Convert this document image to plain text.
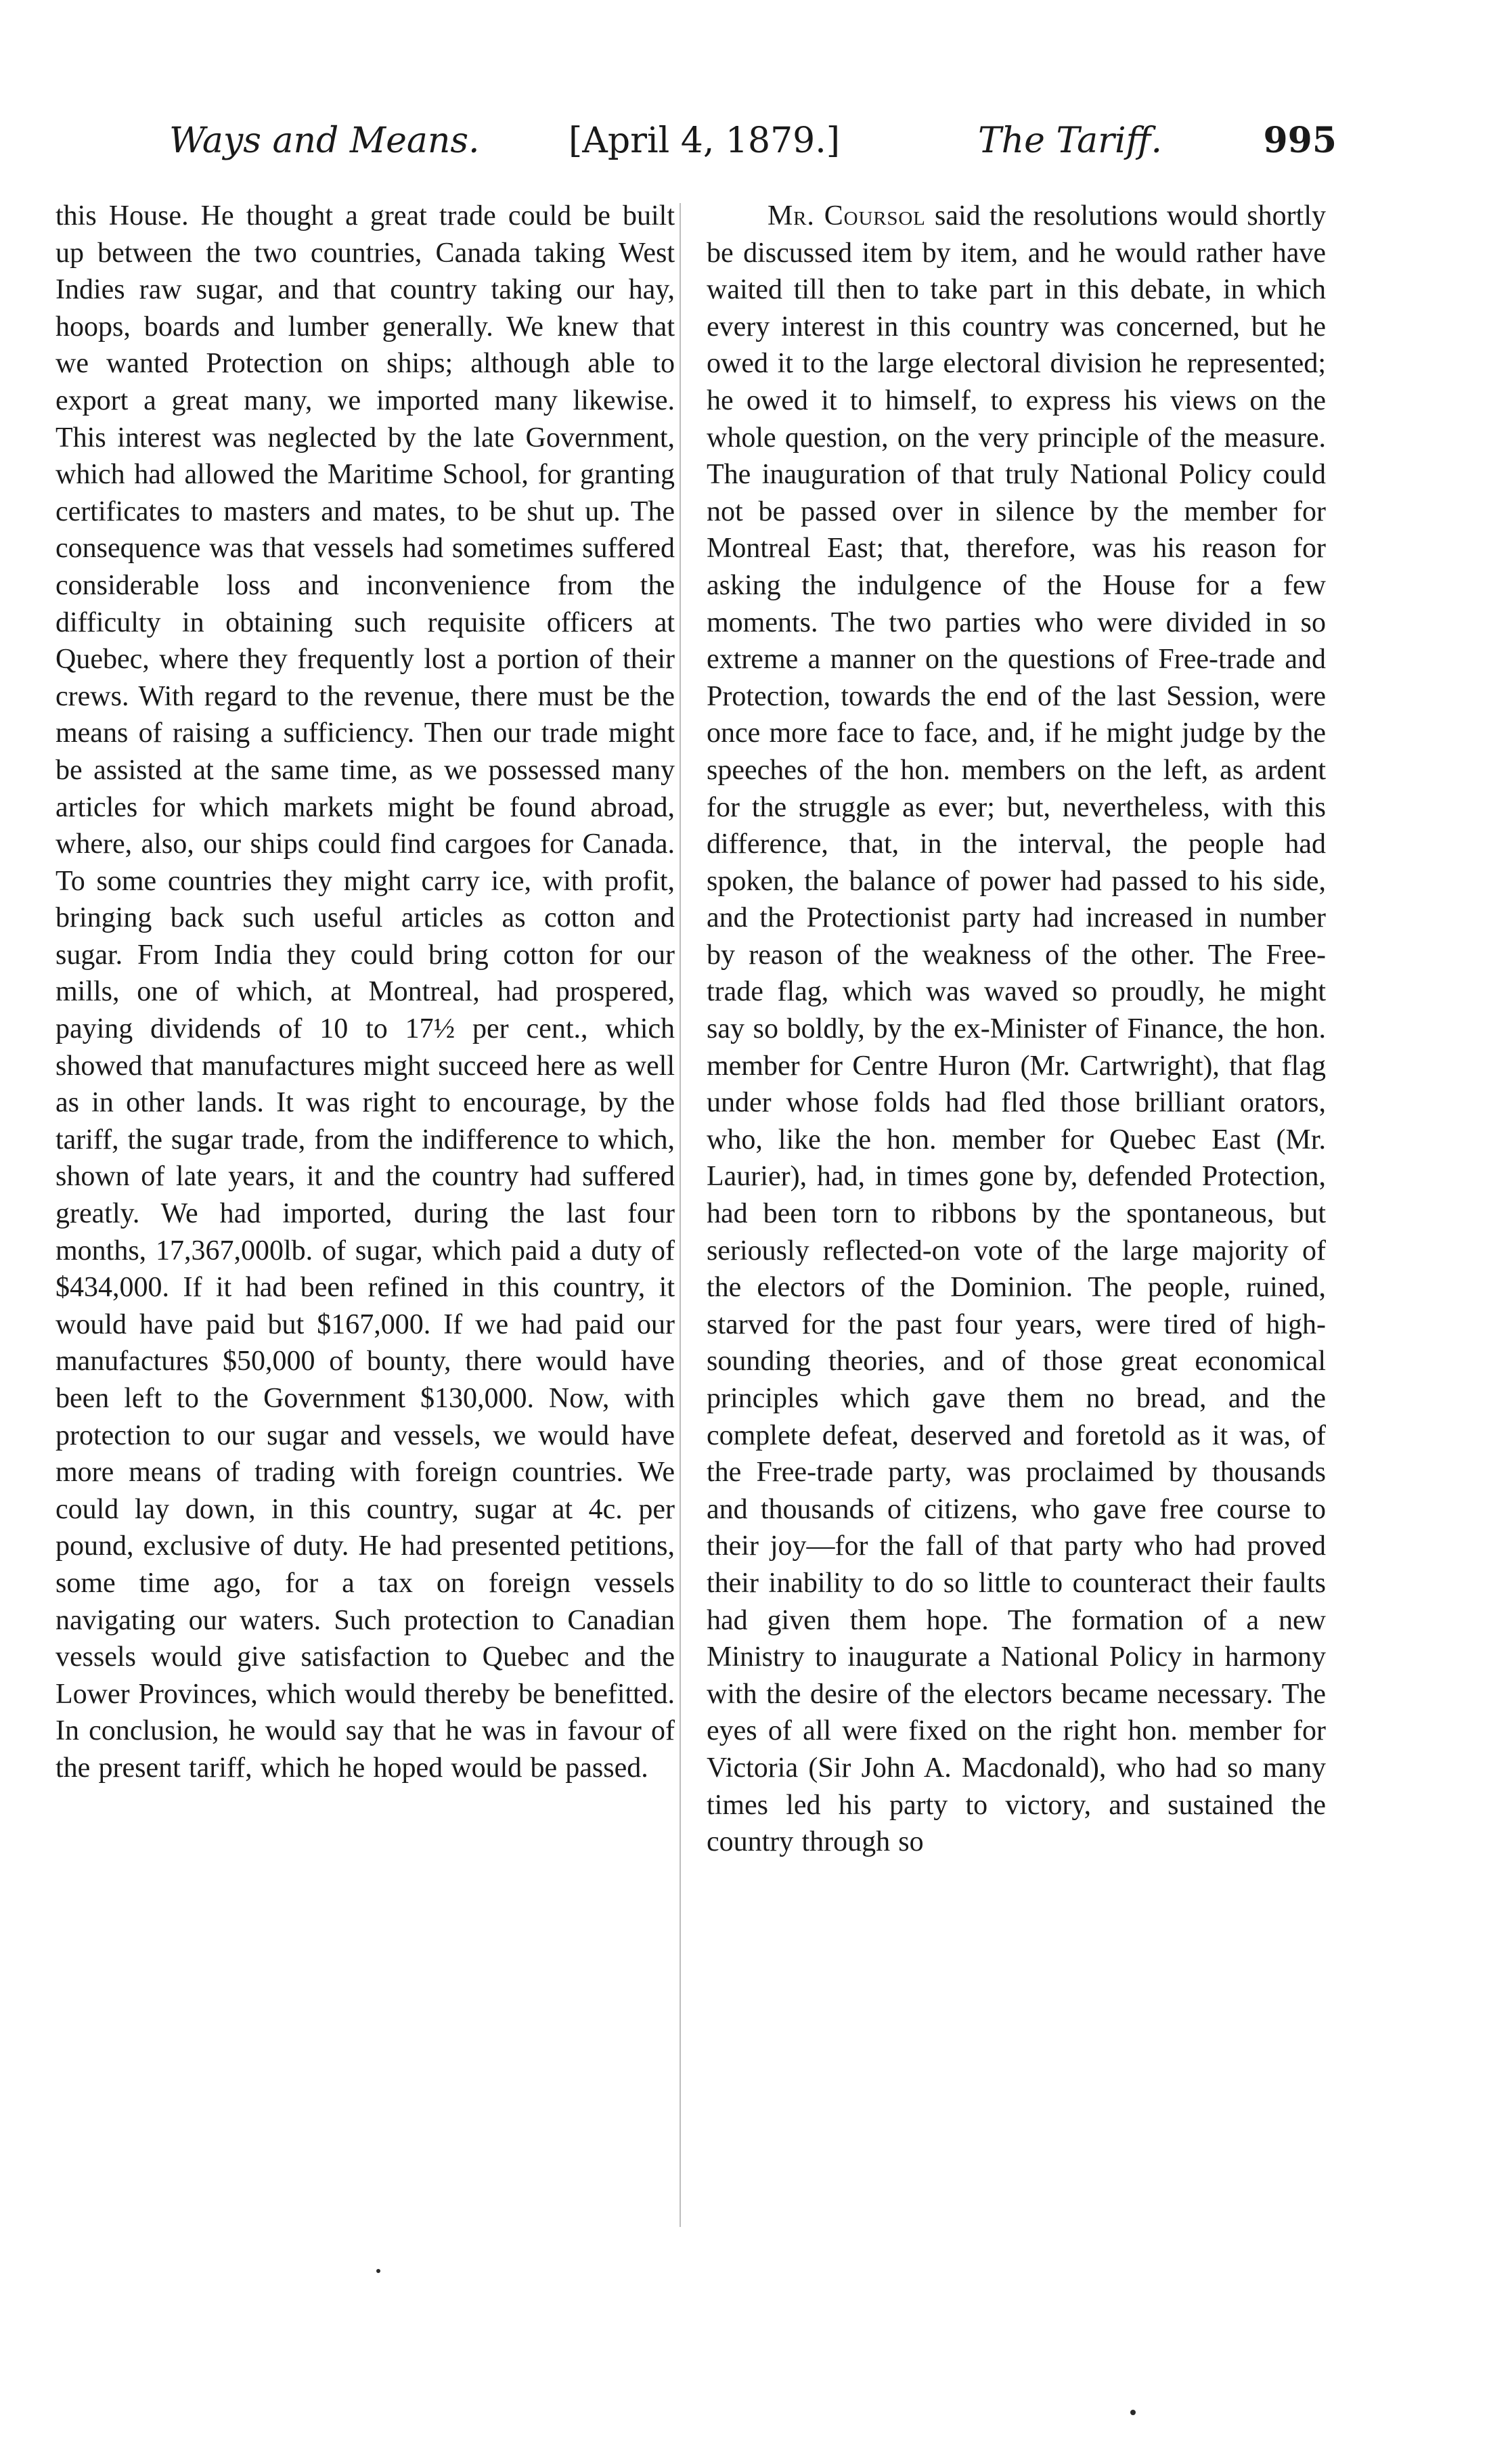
Ways and Means.	[April 4, 1879.]	The Tariff.	995

this House. He thought a great trade could be built up between the two countries, Canada taking West Indies raw sugar, and that country taking our hay, hoops, boards and lumber generally. We knew that we wanted Protection on ships; although able to export a great many, we imported many likewise. This interest was neglected by the late Government, which had allowed the Maritime School, for granting certificates to masters and mates, to be shut up. The consequence was that vessels had sometimes suffered considerable loss and inconvenience from the difficulty in obtaining such requisite officers at Quebec, where they frequently lost a portion of their crews. With regard to the revenue, there must be the means of raising a sufficiency. Then our trade might be assisted at the same time, as we possessed many articles for which markets might be found abroad, where, also, our ships could find cargoes for Canada. To some countries they might carry ice, with profit, bringing back such useful articles as cotton and sugar. From India they could bring cotton for our mills, one of which, at Montreal, had prospered, paying dividends of 10 to 17½ per cent., which showed that manufactures might succeed here as well as in other lands. It was right to encourage, by the tariff, the sugar trade, from the indifference to which, shown of late years, it and the country had suffered greatly. We had imported, during the last four months, 17,367,000lb. of sugar, which paid a duty of $434,000. If it had been refined in this country, it would have paid but $167,000. If we had paid our manufactures $50,000 of bounty, there would have been left to the Government $130,000. Now, with protection to our sugar and vessels, we would have more means of trading with foreign countries. We could lay down, in this country, sugar at 4c. per pound, exclusive of duty. He had presented petitions, some time ago, for a tax on foreign vessels navigating our waters. Such protection to Canadian vessels would give satisfaction to Quebec and the Lower Provinces, which would thereby be benefitted. In conclusion, he would say that he was in favour of the present tariff, which he hoped would be passed.

Mr. Coursol said the resolutions would shortly be discussed item by item, and he would rather have waited till then to take part in this debate, in which every interest in this country was concerned, but he owed it to the large electoral division he represented; he owed it to himself, to express his views on the whole question, on the very principle of the measure. The inauguration of that truly National Policy could not be passed over in silence by the member for Montreal East; that, therefore, was his reason for asking the indulgence of the House for a few moments. The two parties who were divided in so extreme a manner on the questions of Free-trade and Protection, towards the end of the last Session, were once more face to face, and, if he might judge by the speeches of the hon. members on the left, as ardent for the struggle as ever; but, nevertheless, with this difference, that, in the interval, the people had spoken, the balance of power had passed to his side, and the Protectionist party had increased in number by reason of the weakness of the other. The Free-trade flag, which was waved so proudly, he might say so boldly, by the ex-Minister of Finance, the hon. member for Centre Huron (Mr. Cartwright), that flag under whose folds had fled those brilliant orators, who, like the hon. member for Quebec East (Mr. Laurier), had, in times gone by, defended Protection, had been torn to ribbons by the spontaneous, but seriously reflected-on vote of the large majority of the electors of the Dominion. The people, ruined, starved for the past four years, were tired of high-sounding theories, and of those great economical principles which gave them no bread, and the complete defeat, deserved and foretold as it was, of the Free-trade party, was proclaimed by thousands and thousands of citizens, who gave free course to their joy—for the fall of that party who had proved their inability to do so little to counteract their faults had given them hope. The formation of a new Ministry to inaugurate a National Policy in harmony with the desire of the electors became necessary. The eyes of all were fixed on the right hon. member for Victoria (Sir John A. Macdonald), who had so many times led his party to victory, and sustained the country through so
